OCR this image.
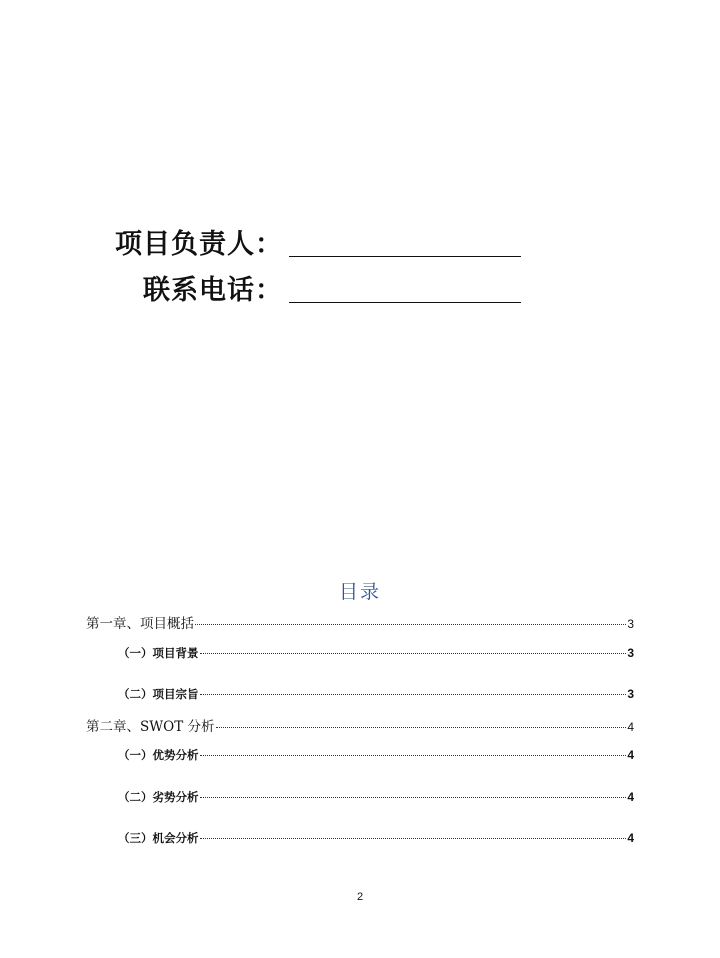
项目负责人：
联系电话：
目录
第一章、项目概括	3
（一）项目背景	3
（二）项目宗旨	3
第二章、SWOT 分析	4
（一）优势分析	4
（二）劣势分析	4
（三）机会分析	4
2
